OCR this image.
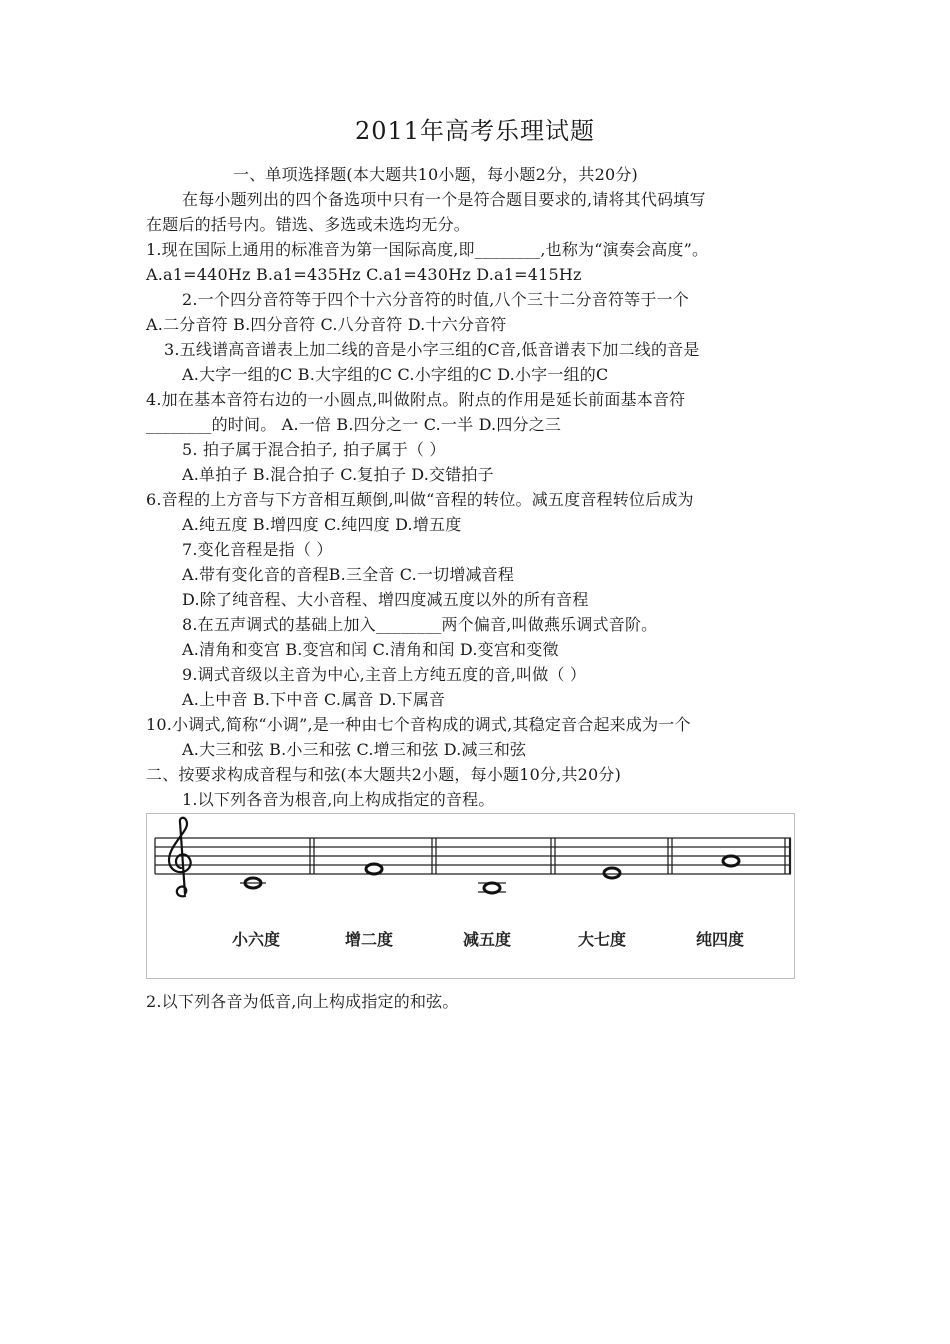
2011年高考乐理试题

一、单项选择题(本大题共10小题，每小题2分，共20分)

在每小题列出的四个备选项中只有一个是符合题目要求的,请将其代码填写

在题后的括号内。错选、多选或未选均无分。

1.现在国际上通用的标准音为第一国际高度,即________,也称为“演奏会高度”。

A.a1=440Hz B.a1=435Hz C.a1=430Hz D.a1=415Hz

2.一个四分音符等于四个十六分音符的时值,八个三十二分音符等于一个

A.二分音符 B.四分音符 C.八分音符 D.十六分音符

3.五线谱高音谱表上加二线的音是小字三组的C音,低音谱表下加二线的音是

A.大字一组的C B.大字组的C C.小字组的C D.小字一组的C

4.加在基本音符右边的一小圆点,叫做附点。附点的作用是延长前面基本音符

________的时间。 A.一倍 B.四分之一 C.一半 D.四分之三

5. 拍子属于混合拍子, 拍子属于（ ）

A.单拍子 B.混合拍子 C.复拍子 D.交错拍子

6.音程的上方音与下方音相互颠倒,叫做“音程的转位。减五度音程转位后成为

A.纯五度 B.增四度 C.纯四度 D.增五度

7.变化音程是指（ ）

A.带有变化音的音程B.三全音 C.一切增减音程

D.除了纯音程、大小音程、增四度减五度以外的所有音程

8.在五声调式的基础上加入________两个偏音,叫做燕乐调式音阶。

A.清角和变宫 B.变宫和闰 C.清角和闰 D.变宫和变徵

9.调式音级以主音为中心,主音上方纯五度的音,叫做（ ）

A.上中音 B.下中音 C.属音 D.下属音

10.小调式,简称“小调”,是一种由七个音构成的调式,其稳定音合起来成为一个

A.大三和弦 B.小三和弦 C.增三和弦 D.减三和弦

二、按要求构成音程与和弦(本大题共2小题，每小题10分,共20分)

1.以下列各音为根音,向上构成指定的音程。

小六度	增二度	减五度	大七度	纯四度

2.以下列各音为低音,向上构成指定的和弦。
